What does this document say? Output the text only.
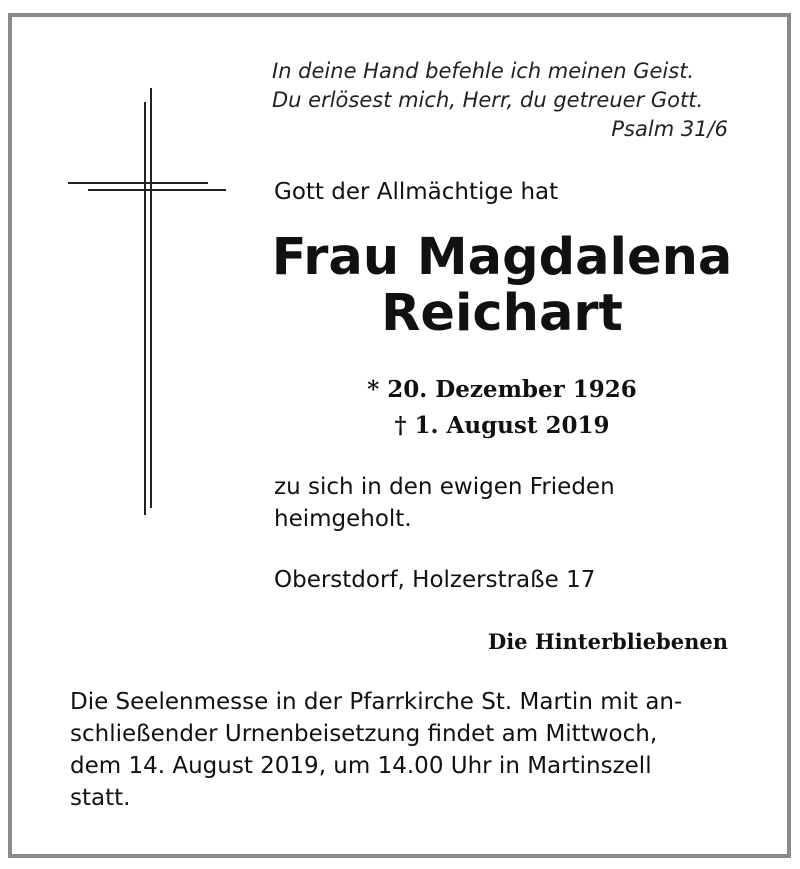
In deine Hand befehle ich meinen Geist.
Du erlösest mich, Herr, du getreuer Gott.
Psalm 31/6
Gott der Allmächtige hat
Frau Magdalena
Reichart
* 20. Dezember 1926
† 1. August 2019
zu sich in den ewigen Frieden
heimgeholt.
Oberstdorf, Holzerstraße 17
Die Hinterbliebenen

Die Seelenmesse in der Pfarrkirche St. Martin mit an-

schließender Urnenbeisetzung findet am Mittwoch,

dem 14. August 2019, um 14.00 Uhr in Martinszell

statt.
